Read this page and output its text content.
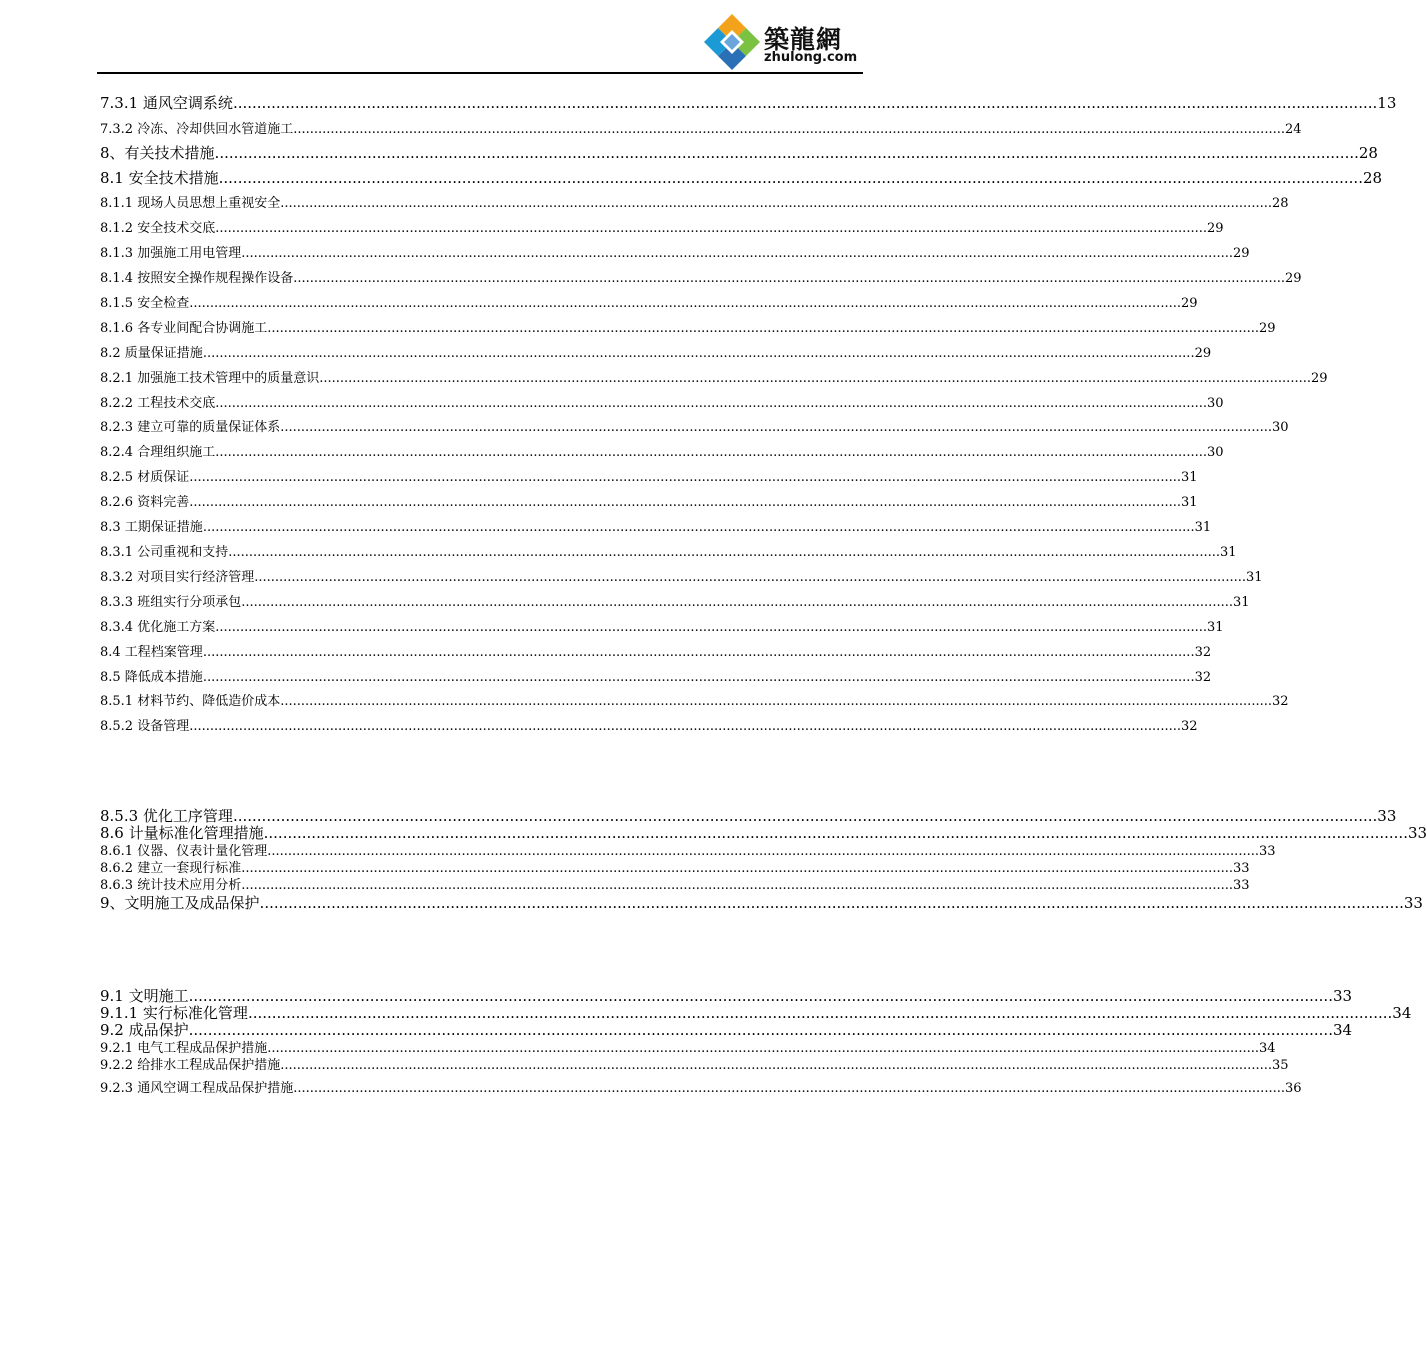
築龍網
zhulong.com
7.3.1 通风空调系统 ................................................................................................................................................................................................................................................ 13
7.3.2 冷冻、冷却供回水管道施工 ................................................................................................................................................................................................................................................ 24
8、有关技术措施 ................................................................................................................................................................................................................................................ 28
8.1 安全技术措施 ................................................................................................................................................................................................................................................ 28
8.1.1 现场人员思想上重视安全 ................................................................................................................................................................................................................................................ 28
8.1.2 安全技术交底 ................................................................................................................................................................................................................................................ 29
8.1.3 加强施工用电管理 ................................................................................................................................................................................................................................................ 29
8.1.4 按照安全操作规程操作设备 ................................................................................................................................................................................................................................................ 29
8.1.5 安全检查 ................................................................................................................................................................................................................................................ 29
8.1.6 各专业间配合协调施工 ................................................................................................................................................................................................................................................ 29
8.2 质量保证措施 ................................................................................................................................................................................................................................................ 29
8.2.1 加强施工技术管理中的质量意识 ................................................................................................................................................................................................................................................ 29
8.2.2 工程技术交底 ................................................................................................................................................................................................................................................ 30
8.2.3 建立可靠的质量保证体系 ................................................................................................................................................................................................................................................ 30
8.2.4 合理组织施工 ................................................................................................................................................................................................................................................ 30
8.2.5 材质保证 ................................................................................................................................................................................................................................................ 31
8.2.6 资料完善 ................................................................................................................................................................................................................................................ 31
8.3 工期保证措施 ................................................................................................................................................................................................................................................ 31
8.3.1 公司重视和支持 ................................................................................................................................................................................................................................................ 31
8.3.2 对项目实行经济管理 ................................................................................................................................................................................................................................................ 31
8.3.3 班组实行分项承包 ................................................................................................................................................................................................................................................ 31
8.3.4 优化施工方案 ................................................................................................................................................................................................................................................ 31
8.4 工程档案管理 ................................................................................................................................................................................................................................................ 32
8.5 降低成本措施 ................................................................................................................................................................................................................................................ 32
8.5.1 材料节约、降低造价成本 ................................................................................................................................................................................................................................................ 32
8.5.2 设备管理 ................................................................................................................................................................................................................................................ 32
8.5.3 优化工序管理 ................................................................................................................................................................................................................................................ 33
8.6 计量标准化管理措施 ................................................................................................................................................................................................................................................ 33
8.6.1 仪器、仪表计量化管理 ................................................................................................................................................................................................................................................ 33
8.6.2 建立一套现行标准 ................................................................................................................................................................................................................................................ 33
8.6.3 统计技术应用分析 ................................................................................................................................................................................................................................................ 33
9、文明施工及成品保护 ................................................................................................................................................................................................................................................ 33
9.1 文明施工 ................................................................................................................................................................................................................................................ 33
9.1.1 实行标准化管理 ................................................................................................................................................................................................................................................ 34
9.2 成品保护 ................................................................................................................................................................................................................................................ 34
9.2.1 电气工程成品保护措施 ................................................................................................................................................................................................................................................ 34
9.2.2 给排水工程成品保护措施 ................................................................................................................................................................................................................................................ 35
9.2.3 通风空调工程成品保护措施 ................................................................................................................................................................................................................................................ 36
